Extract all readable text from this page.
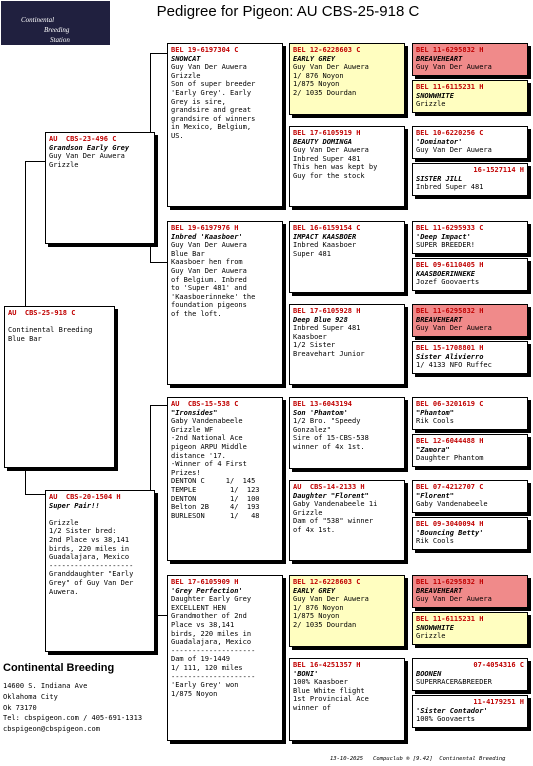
Continental
Breeding
Station
Pedigree for Pigeon: AU CBS-25-918 C
AU  CBS-25-918 C

Continental Breeding
Blue Bar
AU  CBS-23-496 C
Grandson Early Grey
Guy Van Der Auwera
Grizzle
AU  CBS-20-1504 H
Super Pair!!

Grizzle
1/2 Sister bred:
2nd Place vs 38,141
birds, 220 miles in
Guadalajara, Mexico
--------------------
Granddaughter "Early
Grey" of Guy Van Der
Auwera.
BEL 19-6197304 C
SNOWCAT
Guy Van Der Auwera
Grizzle
Son of super breeder
'Early Grey'. Early
Grey is sire,
grandsire and great
grandsire of winners
in Mexico, Belgium,
US.
BEL 19-6197976 H
Inbred 'Kaasboer'
Guy Van Der Auwera
Blue Bar
Kaasboer hen from
Guy Van Der Auwera
of Belgium. Inbred
to 'Super 481' and
'Kaasboerinneke' the
foundation pigeons
of the loft.
AU  CBS-15-538 C
"Ironsides"
Gaby Vandenabeele
Grizzle WF
-2nd National Ace
pigeon ARPU Middle
distance '17.
-Winner of 4 First
Prizes!
DENTON C     1/  145
TEMPLE        1/  123
DENTON        1/  100
Belton 2B     4/  193
BURLESON      1/   48
BEL 17-6105909 H
'Grey Perfection'
Daughter Early Grey
EXCELLENT HEN
Grandmother of 2nd
Place vs 38,141
birds, 220 miles in
Guadalajara, Mexico
--------------------
Dam of 19-1449
1/ 111, 120 miles
--------------------
'Early Grey' won
1/875 Noyon
BEL 12-6228603 C
EARLY GREY
Guy Van Der Auwera
1/ 876 Noyon
1/875 Noyon
2/ 1035 Dourdan
BEL 17-6105919 H
BEAUTY DOMINGA
Guy Van Der Auwera
Inbred Super 481
This hen was kept by
Guy for the stock
BEL 16-6159154 C
IMPACT KAASBOER
Inbred Kaasboer
Super 481
BEL 17-6105928 H
Deep Blue 928
Inbred Super 481
Kaasboer
1/2 Sister
Breavehart Junior
BEL 13-6043194
Son 'Phantom'
1/2 Bro. "Speedy
Gonzalez"
Sire of 15-CBS-538
winner of 4x 1st.
AU  CBS-14-2133 H
Daughter "Florent"
Gaby Vandenabeele 1i
Grizzle
Dam of "538" winner
of 4x 1st.
BEL 12-6228603 C
EARLY GREY
Guy Van Der Auwera
1/ 876 Noyon
1/875 Noyon
2/ 1035 Dourdan
BEL 16-4251357 H
'BONI'
100% Kaasboer
Blue White flight
1st Provincial Ace
winner of
BEL 11-6295832 H
BREAVEHEART
Guy Van Der Auwera
BEL 11-6115231 H
SNOWWHITE
Grizzle
BEL 10-6220256 C
'Dominator'
Guy Van Der Auwera
16-1527114 H
SISTER JILL
Inbred Super 481
BEL 11-6295933 C
'Deep Impact'
SUPER BREEDER!
BEL 09-6110405 H
KAASBOERINNEKE
Jozef Goovaerts
BEL 11-6295832 H
BREAVEHEART
Guy Van Der Auwera
BEL 15-1708801 H
Sister Alivierro
1/ 4133 NFO Ruffec
BEL 06-3201619 C
"Phantom"
Rik Cools
BEL 12-6044488 H
"Zamora"
Daughter Phantom
BEL 07-4212707 C
"Florent"
Gaby Vandenabeele
BEL 09-3040094 H
'Bouncing Betty'
Rik Cools
BEL 11-6295832 H
BREAVEHEART
Guy Van Der Auwera
BEL 11-6115231 H
SNOWWHITE
Grizzle
07-4054316 C
BOONEN
SUPERRACER&BREEDER
11-4179251 H
'Sister Contador'
100% Goovaerts
Continental Breeding
14600 S. Indiana Ave
Oklahoma City
Ok 73170
Tel: cbspigeon.com / 405-691-1313
cbspigeon@cbspigeon.com
13-10-2025   Compuclub ® [9.42]  Continental Breeding
